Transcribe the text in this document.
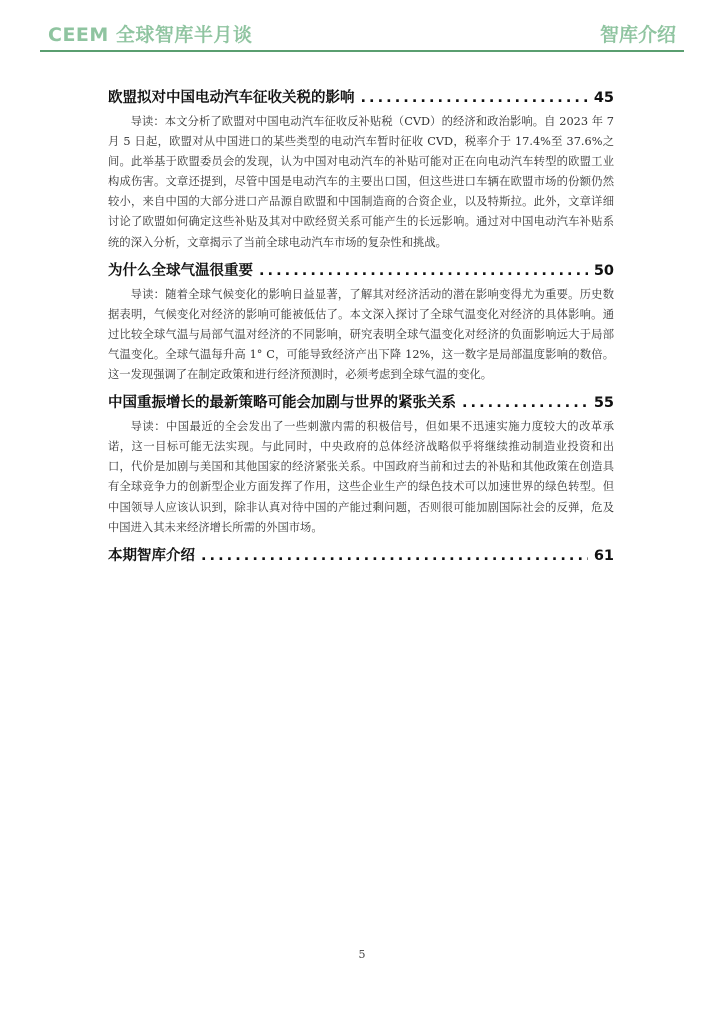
CEEM 全球智库半月谈	智库介绍
欧盟拟对中国电动汽车征收关税的影响 . . .	45

导读：本文分析了欧盟对中国电动汽车征收反补贴税（CVD）的经济和政治影响。自 2023 年 7 月 5 日起，欧盟对从中国进口的某些类型的电动汽车暂时征收 CVD，税率介于 17.4%至 37.6%之间。此举基于欧盟委员会的发现，认为中国对电动汽车的补贴可能对正在向电动汽车转型的欧盟工业构成伤害。文章还提到，尽管中国是电动汽车的主要出口国，但这些进口车辆在欧盟市场的份额仍然较小，来自中国的大部分进口产品源自欧盟和中国制造商的合资企业，以及特斯拉。此外，文章详细讨论了欧盟如何确定这些补贴及其对中欧经贸关系可能产生的长远影响。通过对中国电动汽车补贴系统的深入分析，文章揭示了当前全球电动汽车市场的复杂性和挑战。

为什么全球气温很重要 . . .	50

导读：随着全球气候变化的影响日益显著，了解其对经济活动的潜在影响变得尤为重要。历史数据表明，气候变化对经济的影响可能被低估了。本文深入探讨了全球气温变化对经济的具体影响。通过比较全球气温与局部气温对经济的不同影响，研究表明全球气温变化对经济的负面影响远大于局部气温变化。全球气温每升高 1° C，可能导致经济产出下降 12%，这一数字是局部温度影响的数倍。这一发现强调了在制定政策和进行经济预测时，必须考虑到全球气温的变化。

中国重振增长的最新策略可能会加剧与世界的紧张关系 . . .	55

导读：中国最近的全会发出了一些刺激内需的积极信号，但如果不迅速实施力度较大的改革承诺，这一目标可能无法实现。与此同时，中央政府的总体经济战略似乎将继续推动制造业投资和出口，代价是加剧与美国和其他国家的经济紧张关系。中国政府当前和过去的补贴和其他政策在创造具有全球竞争力的创新型企业方面发挥了作用，这些企业生产的绿色技术可以加速世界的绿色转型。但中国领导人应该认识到，除非认真对待中国的产能过剩问题，否则很可能加剧国际社会的反弹，危及中国进入其未来经济增长所需的外国市场。

本期智库介绍 . . .	61
5
